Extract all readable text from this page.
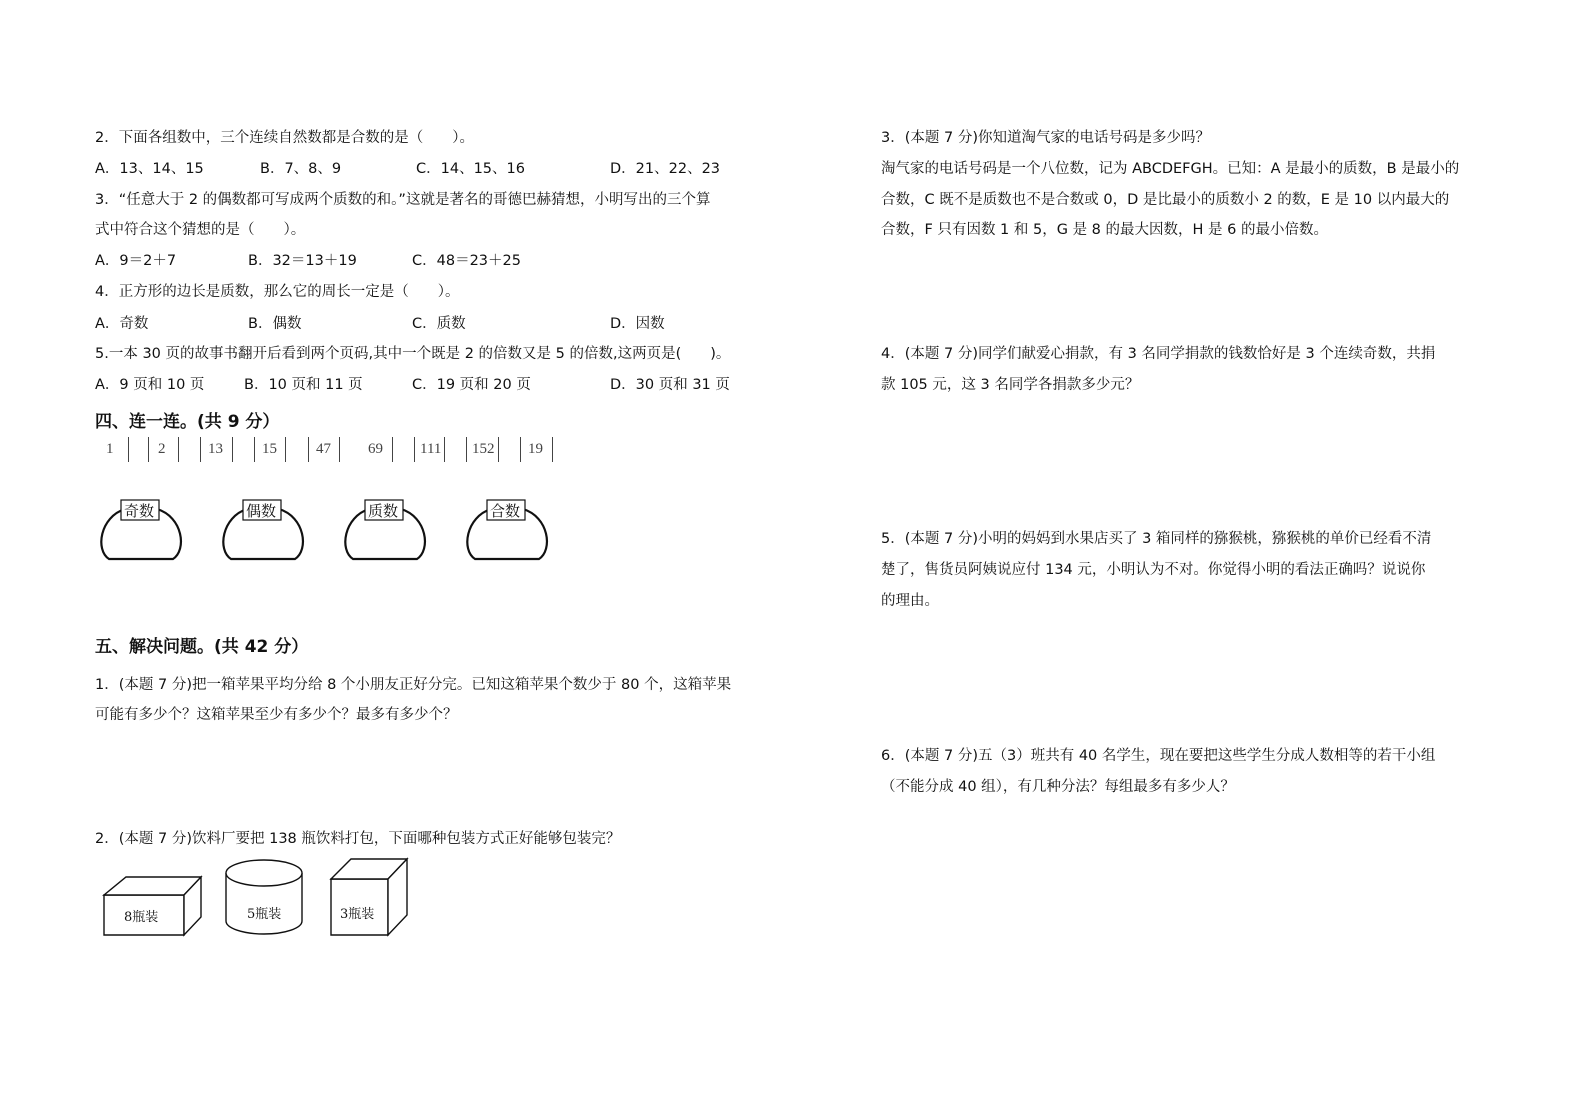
2．下面各组数中，三个连续自然数都是合数的是（　　）。
A．13、14、15	B．7、8、9	C．14、15、16	D．21、22、23
3．“任意大于 2 的偶数都可写成两个质数的和。”这就是著名的哥德巴赫猜想，小明写出的三个算
式中符合这个猜想的是（　　）。
A．9＝2＋7	B．32＝13＋19	C．48＝23＋25
4．正方形的边长是质数，那么它的周长一定是（　　）。
A．奇数	B．偶数	C．质数	D．因数
5.一本 30 页的故事书翻开后看到两个页码,其中一个既是 2 的倍数又是 5 的倍数,这两页是(　　)。
A．9 页和 10 页	B．10 页和 11 页	C．19 页和 20 页	D．30 页和 31 页
四、连一连。(共 9 分）
1	2	13	15	47 69 111 152 19
奇数	偶数	质数	合数
五、解决问题。(共 42 分）
1．(本题 7 分)把一箱苹果平均分给 8 个小朋友正好分完。已知这箱苹果个数少于 80 个，这箱苹果
可能有多少个？这箱苹果至少有多少个？最多有多少个？
2．(本题 7 分)饮料厂要把 138 瓶饮料打包，下面哪种包装方式正好能够包装完？
8瓶装	5瓶装	3瓶装
3．(本题 7 分)你知道淘气家的电话号码是多少吗？
淘气家的电话号码是一个八位数，记为 ABCDEFGH。已知：A 是最小的质数，B 是最小的
合数，C 既不是质数也不是合数或 0，D 是比最小的质数小 2 的数，E 是 10 以内最大的
合数，F 只有因数 1 和 5，G 是 8 的最大因数，H 是 6 的最小倍数。
4．(本题 7 分)同学们献爱心捐款，有 3 名同学捐款的钱数恰好是 3 个连续奇数，共捐
款 105 元，这 3 名同学各捐款多少元？
5．(本题 7 分)小明的妈妈到水果店买了 3 箱同样的猕猴桃，猕猴桃的单价已经看不清
楚了，售货员阿姨说应付 134 元，小明认为不对。你觉得小明的看法正确吗？说说你
的理由。
6．(本题 7 分)五（3）班共有 40 名学生，现在要把这些学生分成人数相等的若干小组
（不能分成 40 组），有几种分法？每组最多有多少人？
